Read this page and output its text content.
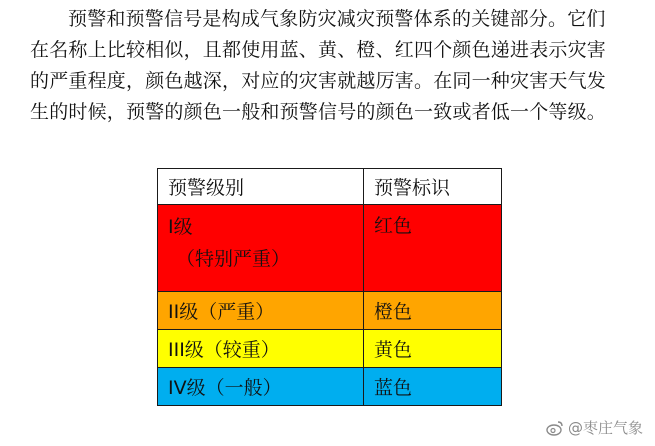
预警和预警信号是构成气象防灾减灾预警体系的关键部分。它们
在名称上比较相似，且都使用蓝、黄、橙、红四个颜色递进表示灾害
的严重程度，颜色越深，对应的灾害就越厉害。在同一种灾害天气发
生的时候，预警的颜色一般和预警信号的颜色一致或者低一个等级。
预警级别	预警标识

I级
（特别严重）	红色
II级（严重）	橙色
III级（较重）	黄色
IV级（一般）	蓝色
@枣庄气象
